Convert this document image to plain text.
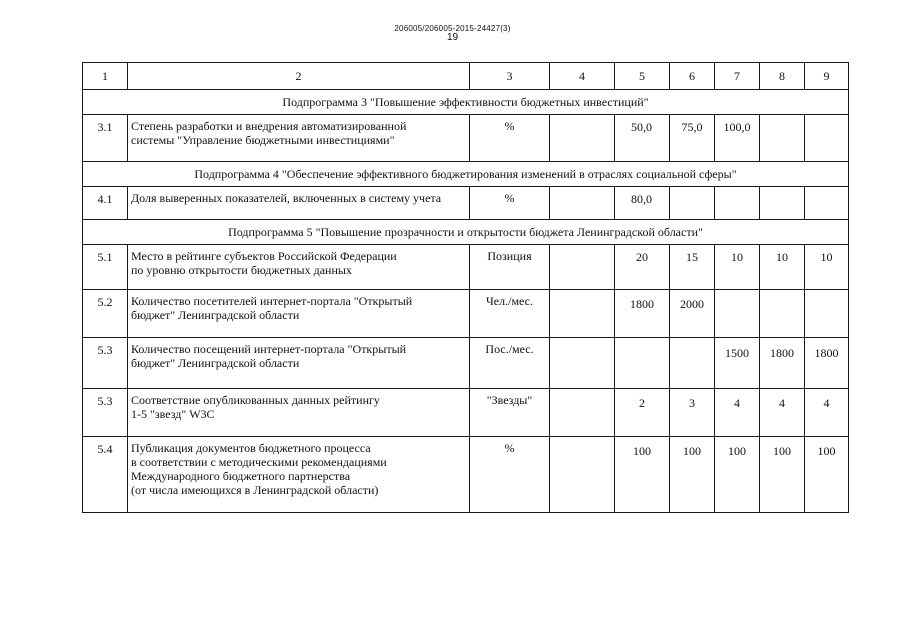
206005/206005-2015-24427(3)
19
1	2	3	4	5	6	7	8	9
Подпрограмма 3 "Повышение эффективности бюджетных инвестиций"								
3.1	Степень разработки и внедрения автоматизированной
системы "Управление бюджетными инвестициями"	%		50,0	75,0	100,0		
Подпрограмма 4 "Обеспечение эффективного бюджетирования изменений в отраслях социальной сферы"								
4.1	Доля выверенных показателей, включенных в систему учета	%		80,0				
Подпрограмма 5 "Повышение прозрачности и открытости бюджета Ленинградской области"								
5.1	Место в рейтинге субъектов Российской Федерации
по уровню открытости бюджетных данных	Позиция		20	15	10	10	10
5.2	Количество посетителей интернет-портала "Открытый
бюджет" Ленинградской области	Чел./мес.		1800	2000			
5.3	Количество посещений интернет-портала "Открытый
бюджет" Ленинградской области	Пос./мес.				1500	1800	1800
5.3	Соответствие опубликованных данных рейтингу
1-5 "звезд" W3C	"Звезды"		2	3	4	4	4
5.4	Публикация документов бюджетного процесса
в соответствии с методическими рекомендациями
Международного бюджетного партнерства
(от числа имеющихся в Ленинградской области)	%		100	100	100	100	100
